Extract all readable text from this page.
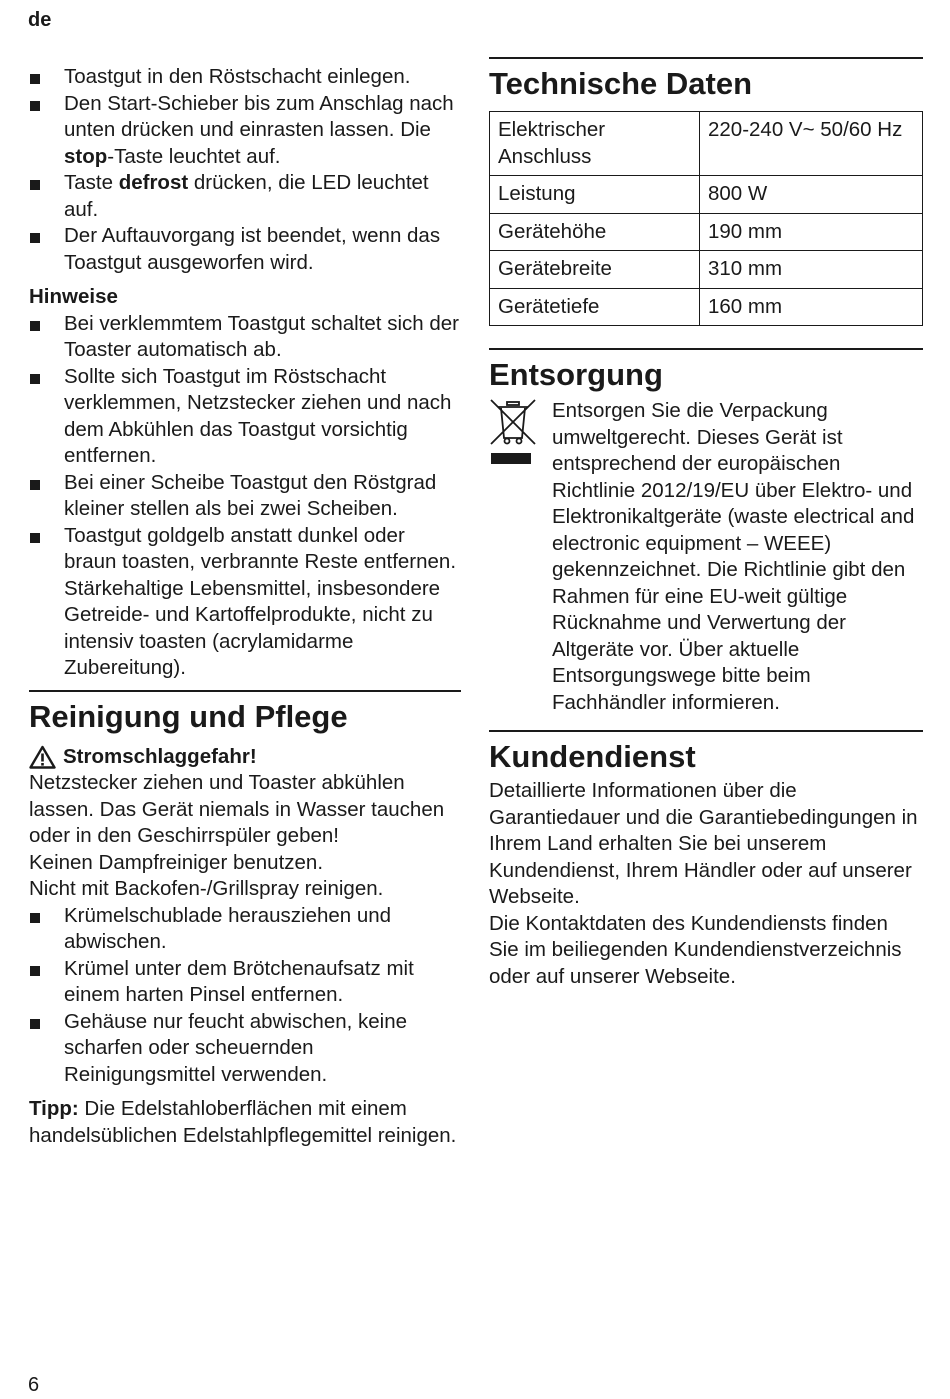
de
Toastgut in den Röstschacht einlegen.
Den Start-Schieber bis zum Anschlag nach unten drücken und einrasten lassen. Die stop-Taste leuchtet auf.
Taste defrost drücken, die LED leuchtet auf.
Der Auftauvorgang ist beendet, wenn das Toastgut ausgeworfen wird.
Hinweise
Bei verklemmtem Toastgut schaltet sich der Toaster automatisch ab.
Sollte sich Toastgut im Röstschacht verklemmen, Netzstecker ziehen und nach dem Abkühlen das Toastgut vorsichtig entfernen.
Bei einer Scheibe Toastgut den Röstgrad kleiner stellen als bei zwei Scheiben.
Toastgut goldgelb anstatt dunkel oder braun toasten, verbrannte Reste entfernen. Stärkehaltige Lebensmittel, insbesondere Getreide- und Kartoffelprodukte, nicht zu intensiv toasten (acrylamidarme Zubereitung).
Reinigung und Pflege
Stromschlaggefahr!
Netzstecker ziehen und Toaster abkühlen lassen. Das Gerät niemals in Wasser tauchen oder in den Geschirrspüler geben!
Keinen Dampfreiniger benutzen.
Nicht mit Backofen-/Grillspray reinigen.
Krümelschublade herausziehen und abwischen.
Krümel unter dem Brötchenaufsatz mit einem harten Pinsel entfernen.
Gehäuse nur feucht abwischen, keine scharfen oder scheuernden Reinigungsmittel verwenden.
Tipp: Die Edelstahloberflächen mit einem handelsüblichen Edelstahlpflegemittel reinigen.
Technische Daten
Elektrischer Anschluss	220-240 V~ 50/60 Hz
Leistung	800 W
Gerätehöhe	190 mm
Gerätebreite	310 mm
Gerätetiefe	160 mm
Entsorgung
Entsorgen Sie die Verpackung umweltgerecht. Dieses Gerät ist entsprechend der europäischen Richtlinie 2012/19/EU über Elektro- und Elektronikaltgeräte (waste electrical and electronic equipment – WEEE) gekennzeichnet. Die Richtlinie gibt den Rahmen für eine EU-weit gültige Rücknahme und Verwertung der Altgeräte vor. Über aktuelle Entsorgungswege bitte beim Fachhändler informieren.
Kundendienst
Detaillierte Informationen über die Garantiedauer und die Garantiebedingungen in Ihrem Land erhalten Sie bei unserem Kundendienst, Ihrem Händler oder auf unserer Webseite.
Die Kontaktdaten des Kundendiensts finden Sie im beiliegenden Kundendienstverzeichnis oder auf unserer Webseite.
6
